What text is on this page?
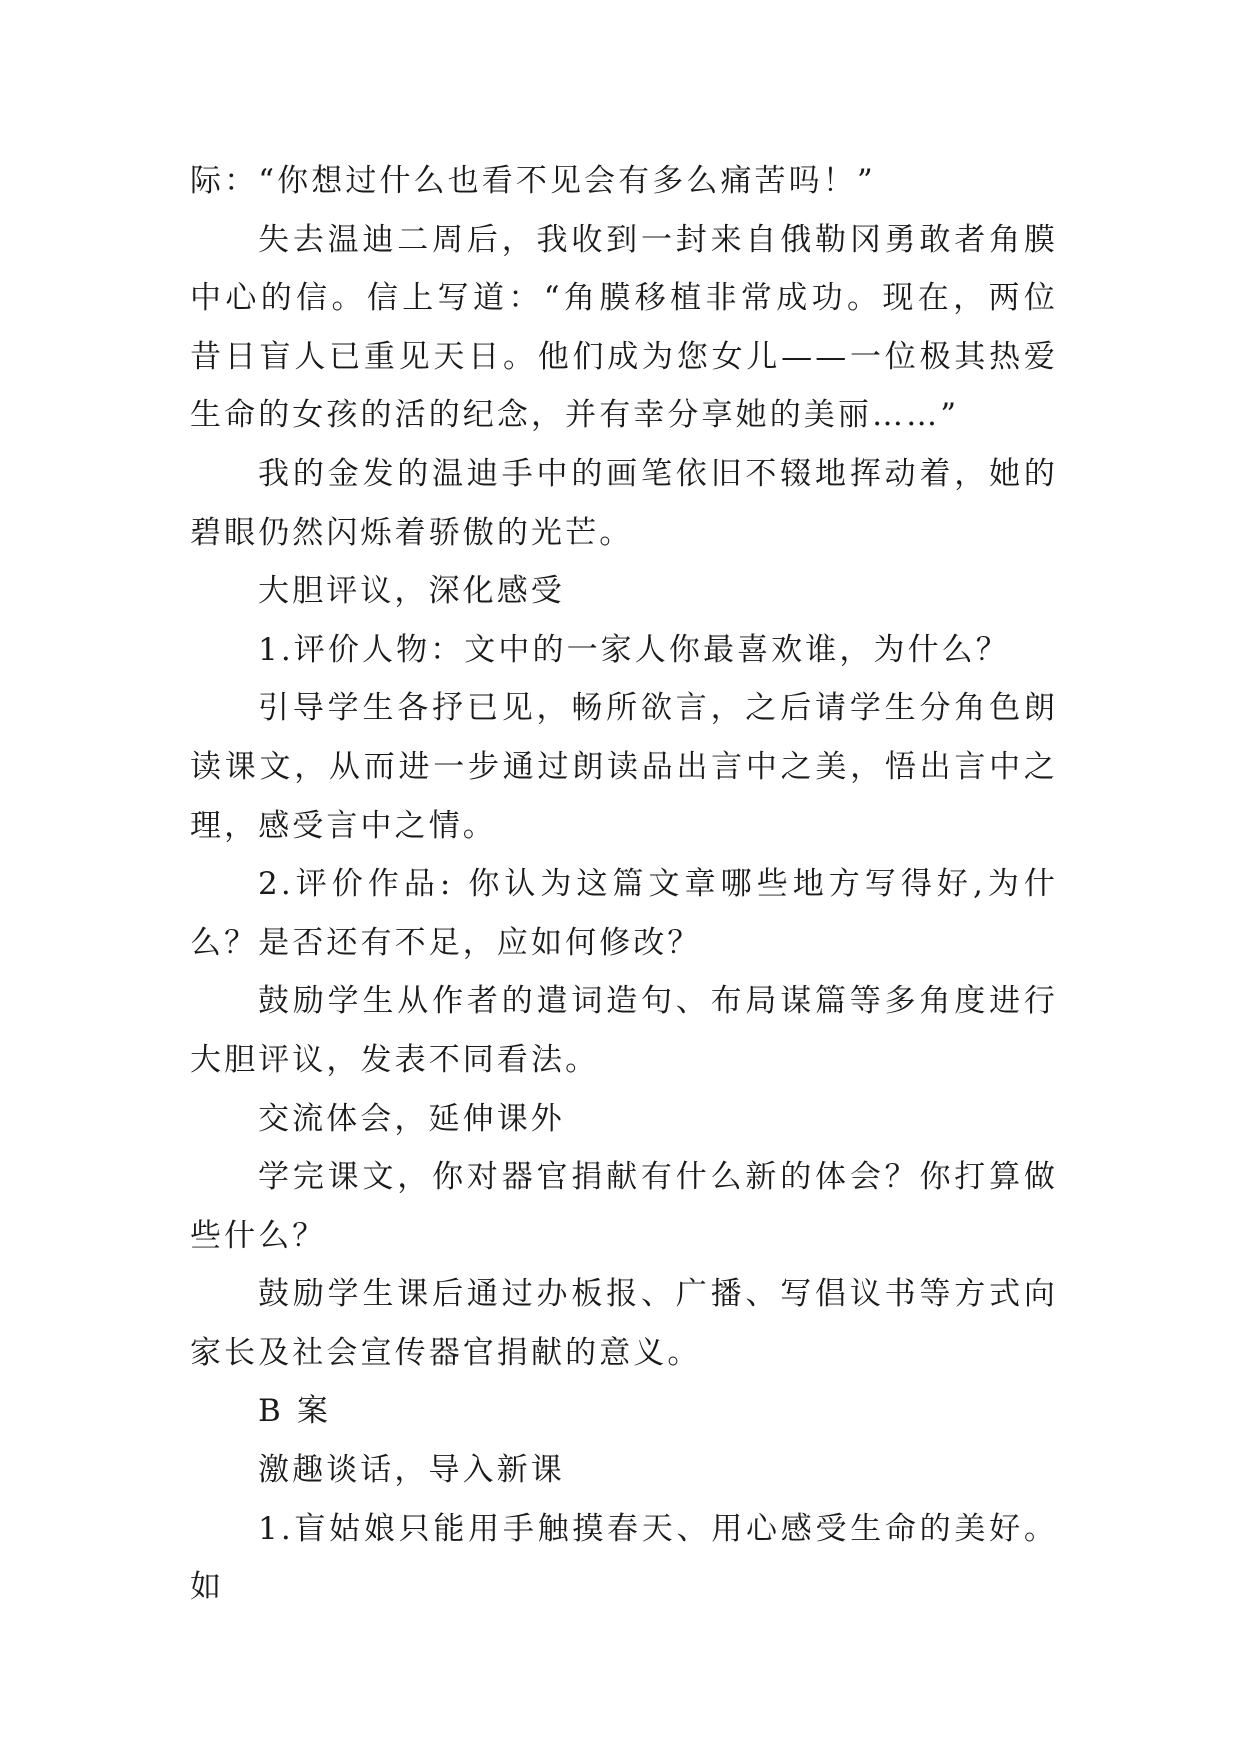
际：“你想过什么也看不见会有多么痛苦吗！”

失去温迪二周后，我收到一封来自俄勒冈勇敢者角膜中心的信。信上写道：“角膜移植非常成功。现在，两位昔日盲人已重见天日。他们成为您女儿——一位极其热爱生命的女孩的活的纪念，并有幸分享她的美丽……”

我的金发的温迪手中的画笔依旧不辍地挥动着，她的碧眼仍然闪烁着骄傲的光芒。

大胆评议，深化感受

1.评价人物：文中的一家人你最喜欢谁，为什么？

引导学生各抒已见，畅所欲言，之后请学生分角色朗读课文，从而进一步通过朗读品出言中之美，悟出言中之理，感受言中之情。

2.评价作品: 你认为这篇文章哪些地方写得好,为什么？是否还有不足，应如何修改？

鼓励学生从作者的遣词造句、布局谋篇等多角度进行大胆评议，发表不同看法。

交流体会，延伸课外

学完课文，你对器官捐献有什么新的体会？你打算做些什么？

鼓励学生课后通过办板报、广播、写倡议书等方式向家长及社会宣传器官捐献的意义。

B 案

激趣谈话，导入新课

1.盲姑娘只能用手触摸春天、用心感受生命的美好。如
